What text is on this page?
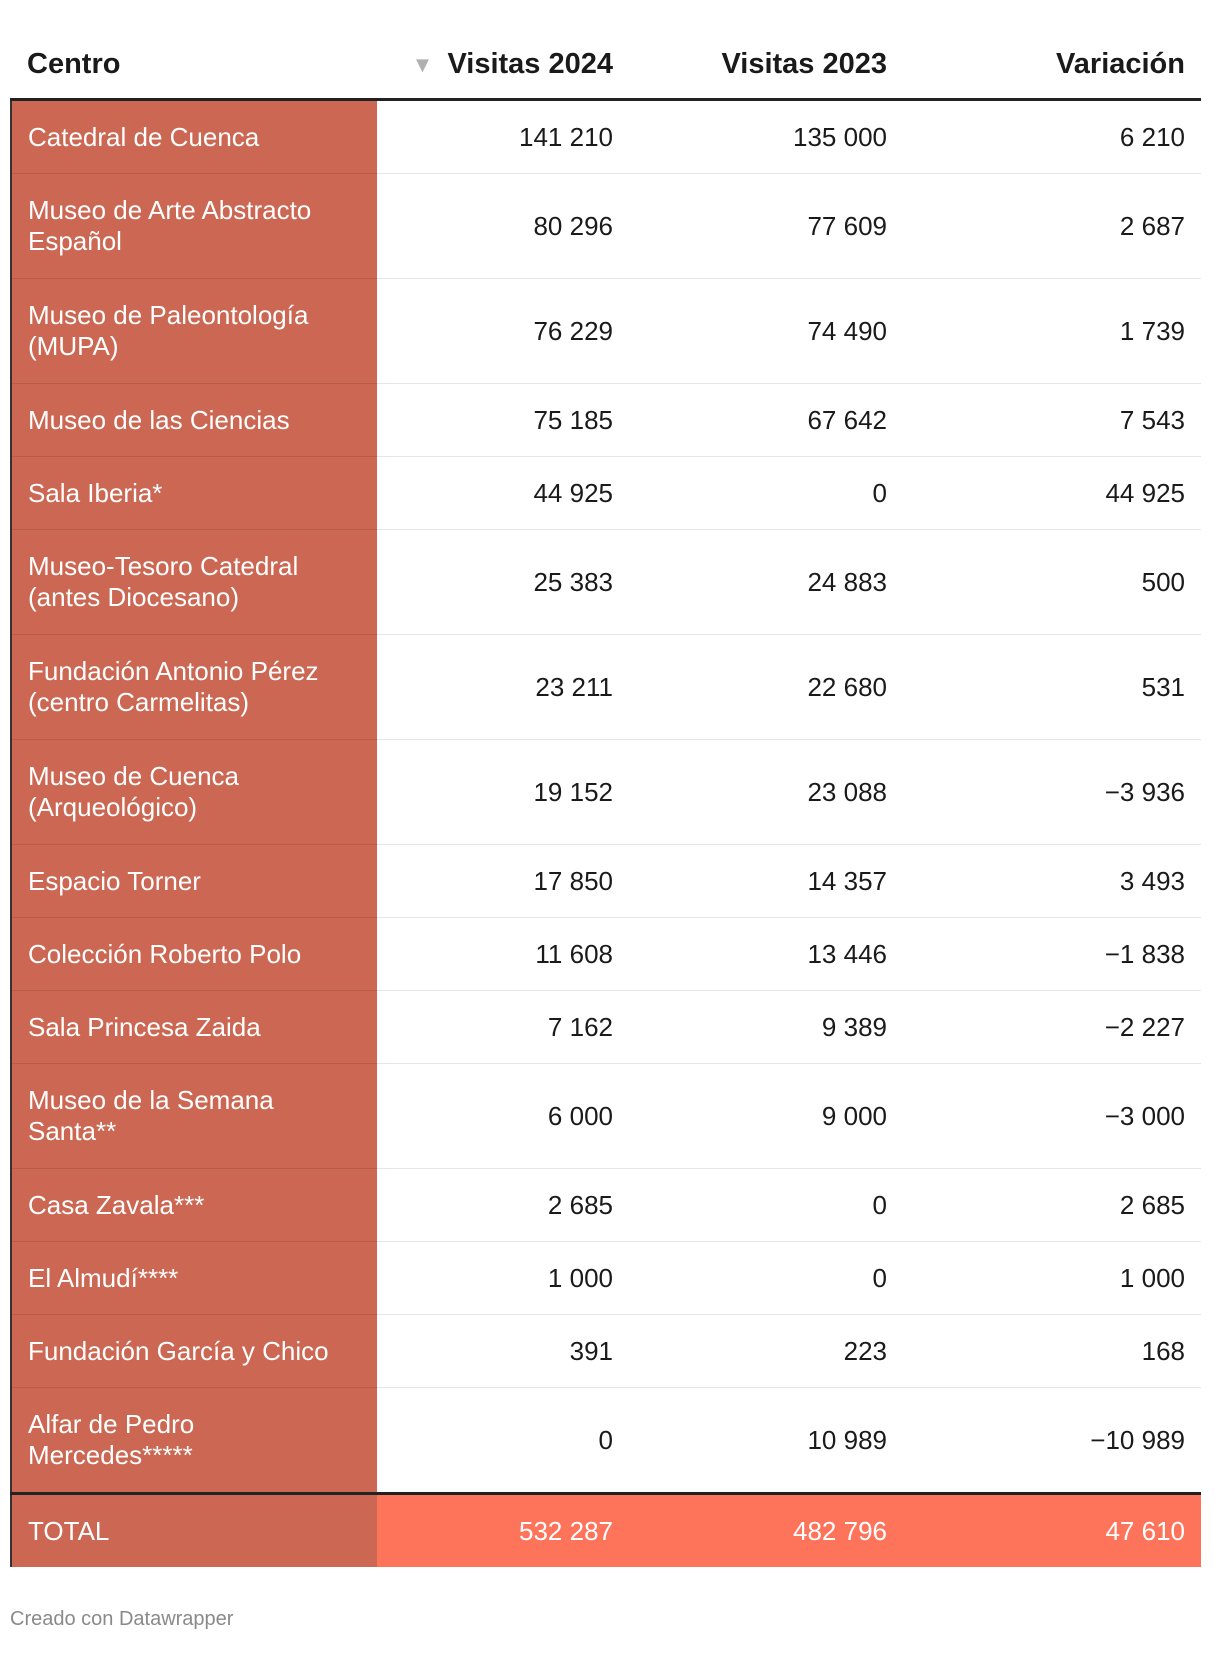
Centro	▼ Visitas 2024	Visitas 2023	Variación
Catedral de Cuenca	141 210	135 000	6 210
Museo de Arte Abstracto Español	80 296	77 609	2 687
Museo de Paleontología (MUPA)	76 229	74 490	1 739
Museo de las Ciencias	75 185	67 642	7 543
Sala Iberia*	44 925	0	44 925
Museo-Tesoro Catedral (antes Diocesano)	25 383	24 883	500
Fundación Antonio Pérez (centro Carmelitas)	23 211	22 680	531
Museo de Cuenca (Arqueológico)	19 152	23 088	−3 936
Espacio Torner	17 850	14 357	3 493
Colección Roberto Polo	11 608	13 446	−1 838
Sala Princesa Zaida	7 162	9 389	−2 227
Museo de la Semana Santa**	6 000	9 000	−3 000
Casa Zavala***	2 685	0	2 685
El Almudí****	1 000	0	1 000
Fundación García y Chico	391	223	168
Alfar de Pedro Mercedes*****	0	10 989	−10 989
TOTAL	532 287	482 796	47 610
Creado con Datawrapper
